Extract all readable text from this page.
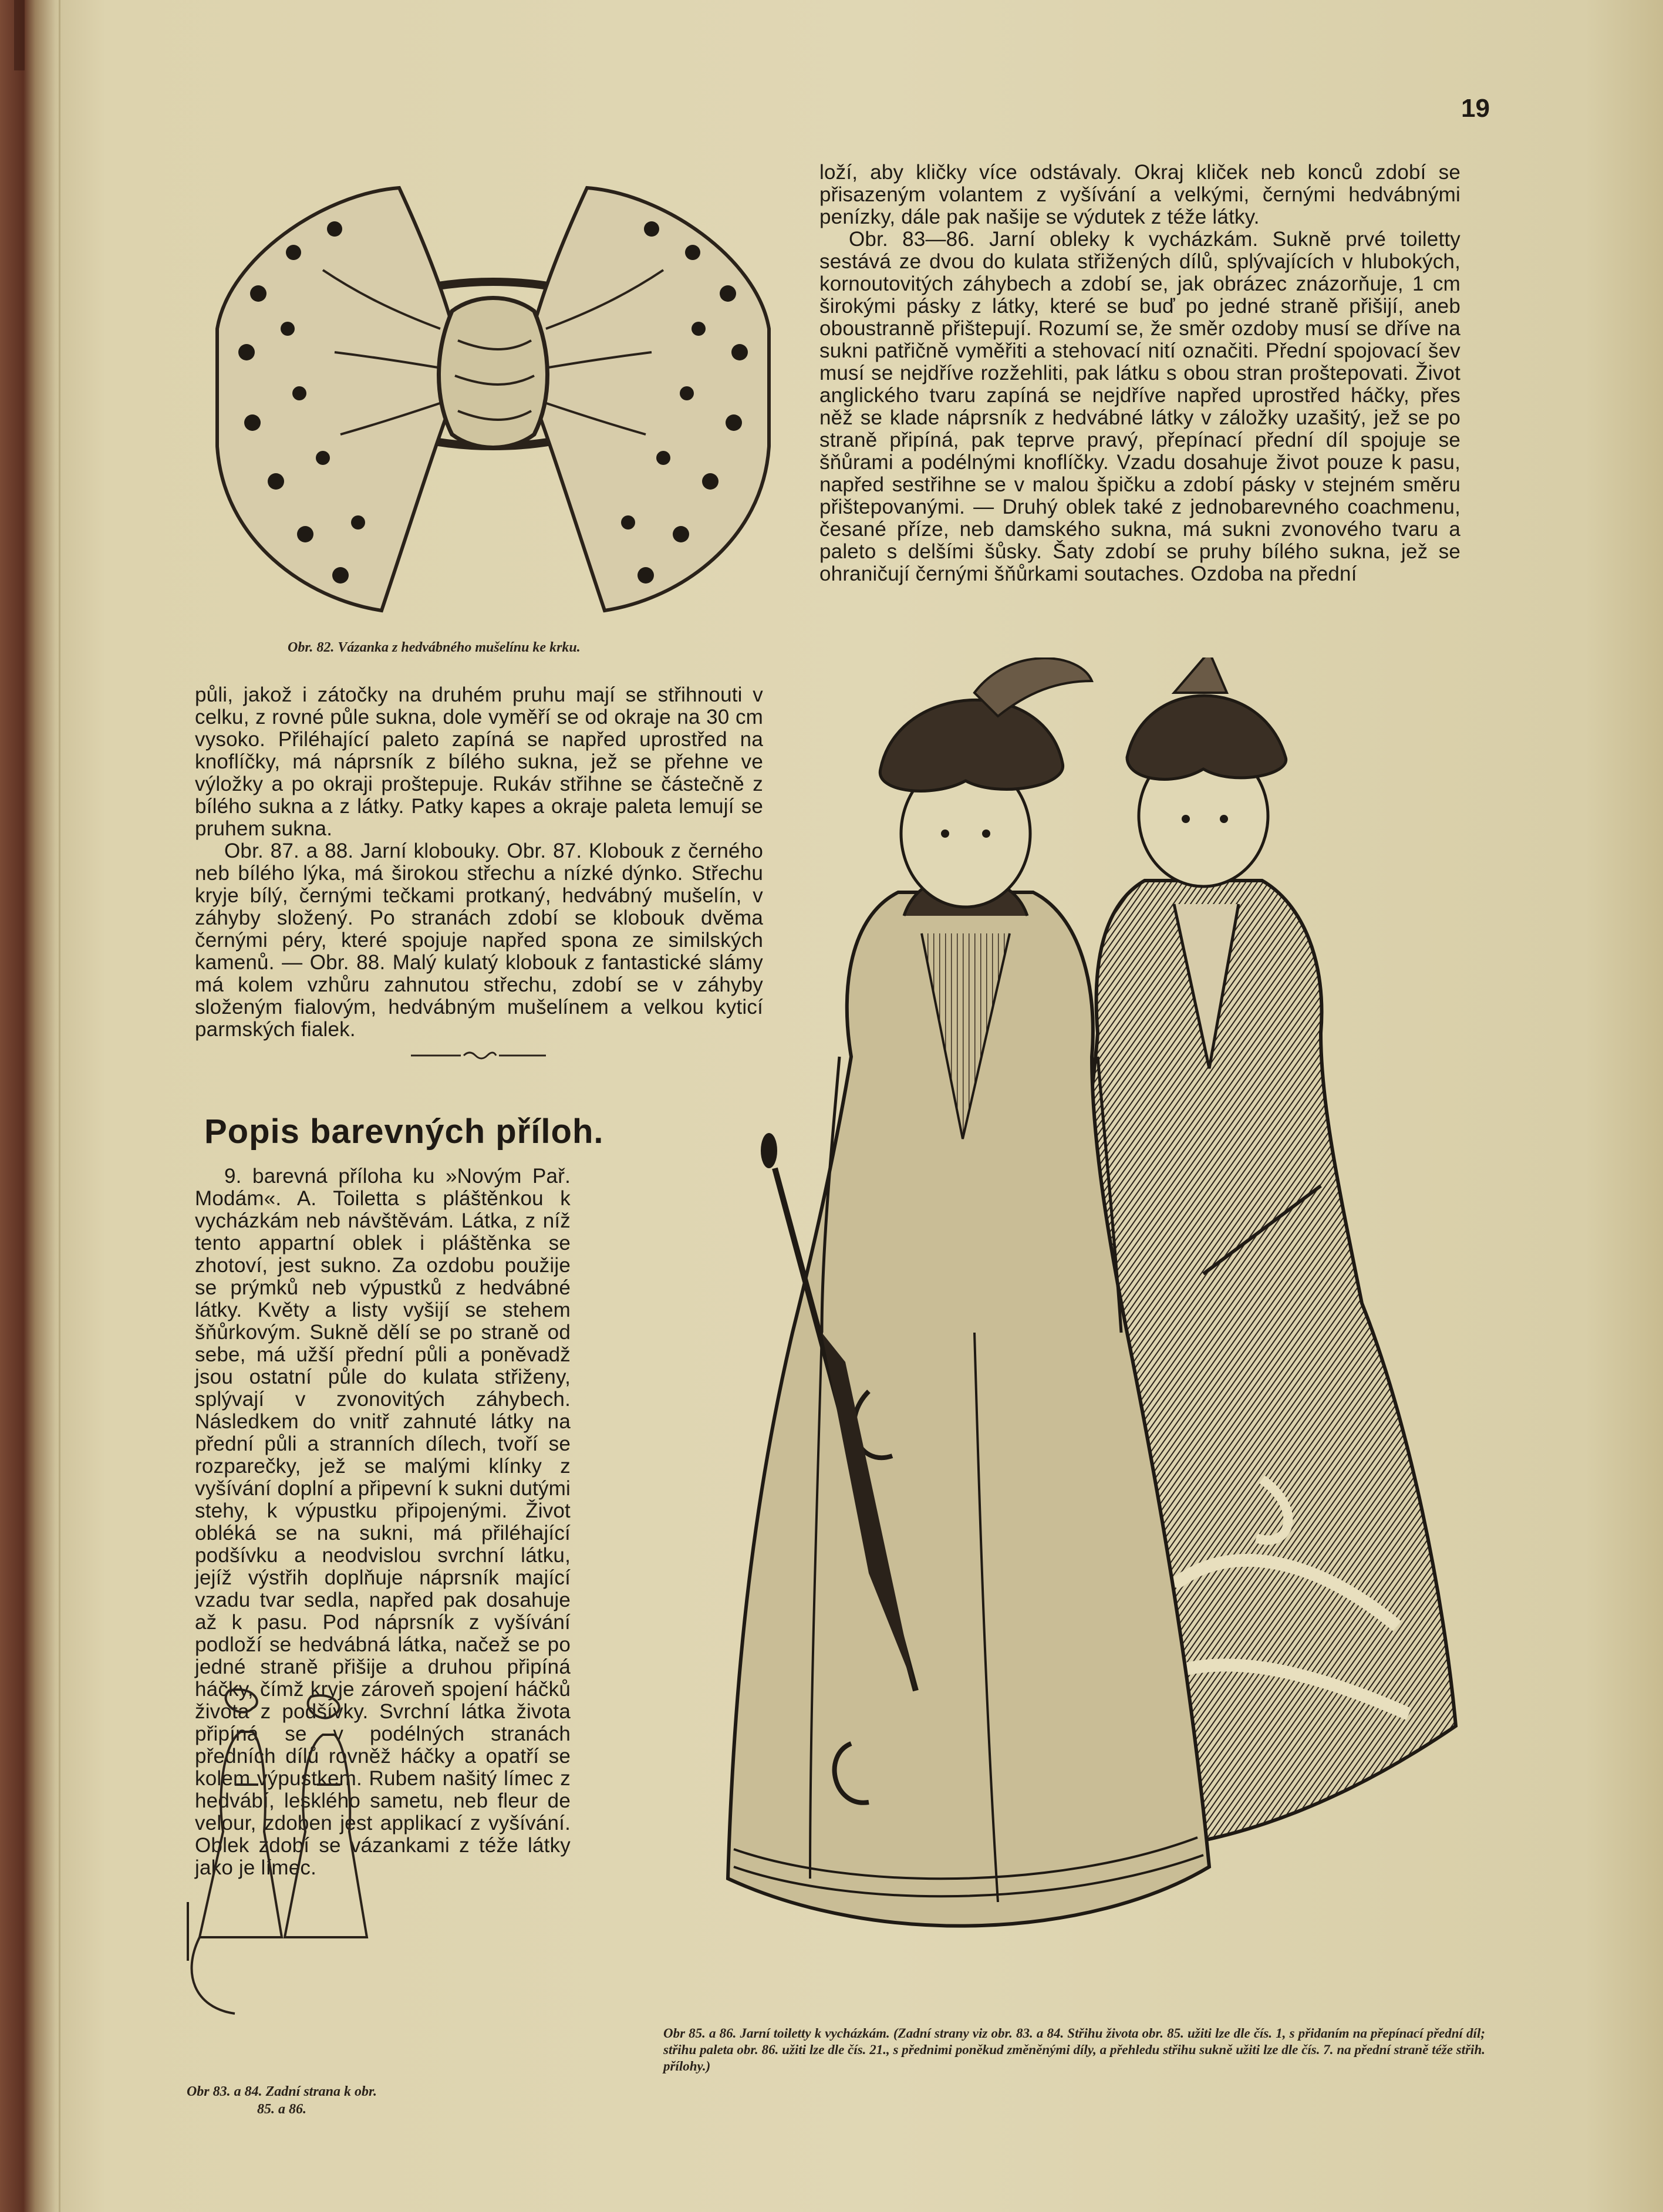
19
Obr. 82. Vázanka z hedvábného mušelínu ke krku.

loží, aby kličky více odstávaly. Okraj kliček neb konců zdobí se přisazeným volantem z vyšívání a velkými, černými hedvábnými penízky, dále pak našije se výdutek z téže látky.

Obr. 83—86. Jarní obleky k vycházkám. Sukně prvé toiletty sestává ze dvou do kulata střižených dílů, splývajících v hlubokých, kornoutovitých záhybech a zdobí se, jak obrázec znázorňuje, 1 cm širokými pásky z látky, které se buď po jedné straně přišijí, aneb oboustranně přištepují. Rozumí se, že směr ozdoby musí se dříve na sukni patřičně vyměřiti a stehovací nití označiti. Přední spojovací šev musí se nejdříve rozžehliti, pak látku s obou stran proštepovati. Život anglického tvaru zapíná se nejdříve napřed uprostřed háčky, přes něž se klade náprsník z hedvábné látky v záložky uzašitý, jež se po straně připíná, pak teprve pravý, přepínací přední díl spojuje se šňůrami a podélnými knoflíčky. Vzadu dosahuje život pouze k pasu, napřed sestřihne se v malou špičku a zdobí pásky v stejném směru přištepovanými. — Druhý oblek také z jednobarevného coachmenu, česané příze, neb damského sukna, má sukni zvonového tvaru a paleto s delšími šůsky. Šaty zdobí se pruhy bílého sukna, jež se ohraničují černými šňůrkami soutaches. Ozdoba na přední

půli, jakož i zátočky na druhém pruhu mají se střihnouti v celku, z rovné půle sukna, dole vyměří se od okraje na 30 cm vysoko. Přiléhající paleto zapíná se napřed uprostřed na knoflíčky, má náprsník z bílého sukna, jež se přehne ve výložky a po okraji proštepuje. Rukáv střihne se částečně z bílého sukna a z látky. Patky kapes a okraje paleta lemují se pruhem sukna.

Obr. 87. a 88. Jarní klobouky. Obr. 87. Klobouk z černého neb bílého lýka, má širokou střechu a nízké dýnko. Střechu kryje bílý, černými tečkami protkaný, hedvábný mušelín, v záhyby složený. Po stranách zdobí se klobouk dvěma černými péry, které spojuje napřed spona ze similských kamenů. — Obr. 88. Malý kulatý klobouk z fantastické slámy má kolem vzhůru zahnutou střechu, zdobí se v záhyby složeným fialovým, hedvábným mušelínem a velkou kyticí parmských fialek.

Popis barevných příloh.

9. barevná příloha ku »Novým Pař. Modám«. A. Toiletta s pláštěnkou k vycházkám neb návštěvám. Látka, z níž tento appartní oblek i pláštěnka se zhotoví, jest sukno. Za ozdobu použije se prýmků neb výpustků z hedvábné látky. Květy a listy vyšijí se stehem šňůrkovým. Sukně dělí se po straně od sebe, má užší přední půli a poněvadž jsou ostatní půle do kulata střiženy, splývají v zvonovitých záhybech. Následkem do vnitř zahnuté látky na přední půli a stranních dílech, tvoří se rozparečky, jež se malými klínky z vyšívání doplní a připevní k sukni dutými stehy, k výpustku připojenými. Život obléká se na sukni, má přiléhající podšívku a neodvislou svrchní látku, jejíž výstřih doplňuje náprsník mající vzadu tvar sedla, napřed pak dosahuje až k pasu. Pod náprsník z vyšívání podloží se hedvábná látka, načež se po jedné straně přišije a druhou připíná háčky, čímž kryje zároveň spojení háčků života z podšívky. Svrchní látka života připíná se v podélných stranách předních dílů rovněž háčky a opatří se kolem výpustkem. Rubem našitý límec z hedvábí, lesklého sametu, neb fleur de velour, zdoben jest applikací z vyšívání. Oblek zdobí se vázankami z téže látky jako je límec.

Obr 83. a 84. Zadní strana k obr. 85. a 86.
Obr 85. a 86. Jarní toiletty k vycházkám. (Zadní strany viz obr. 83. a 84. Střihu života obr. 85. užiti lze dle čís. 1, s přidaním na přepínací přední díl; střihu paleta obr. 86. užiti lze dle čís. 21., s přednimi poněkud změněnými díly, a přehledu střihu sukně užiti lze dle čís. 7. na přední straně téže střih. přílohy.)
